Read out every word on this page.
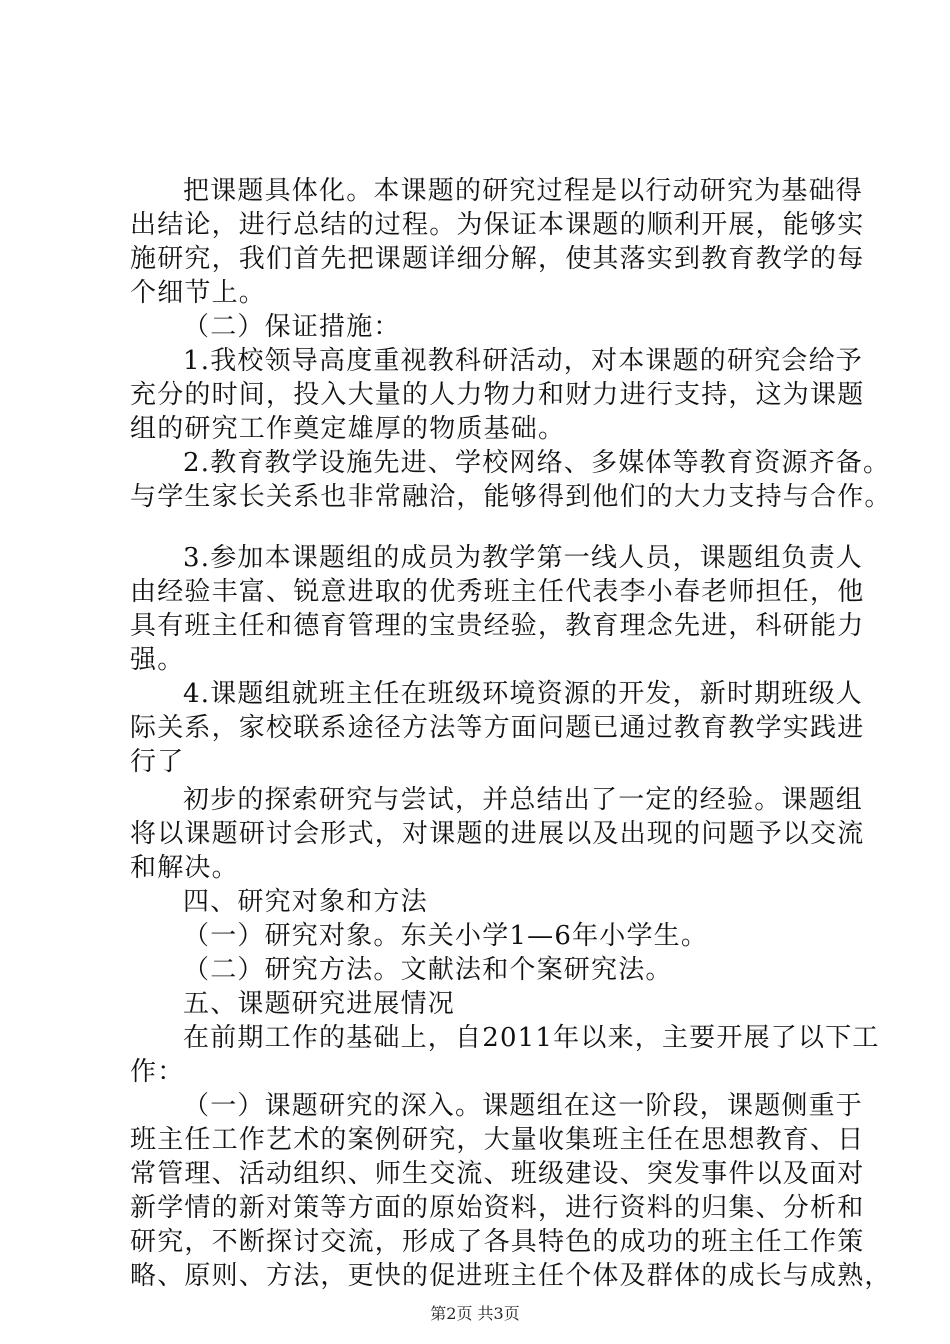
把课题具体化。本课题的研究过程是以行动研究为基础得
出结论，进行总结的过程。为保证本课题的顺利开展，能够实
施研究，我们首先把课题详细分解，使其落实到教育教学的每
个细节上。
（二）保证措施：
1.我校领导高度重视教科研活动，对本课题的研究会给予
充分的时间，投入大量的人力物力和财力进行支持，这为课题
组的研究工作奠定雄厚的物质基础。
2.教育教学设施先进、学校网络、多媒体等教育资源齐备。
与学生家长关系也非常融洽，能够得到他们的大力支持与合作。
3.参加本课题组的成员为教学第一线人员，课题组负责人
由经验丰富、锐意进取的优秀班主任代表李小春老师担任，他
具有班主任和德育管理的宝贵经验，教育理念先进，科研能力
强。
4.课题组就班主任在班级环境资源的开发，新时期班级人
际关系，家校联系途径方法等方面问题已通过教育教学实践进
行了
初步的探索研究与尝试，并总结出了一定的经验。课题组
将以课题研讨会形式，对课题的进展以及出现的问题予以交流
和解决。
四、研究对象和方法
（一）研究对象。东关小学1—6年小学生。
（二）研究方法。文献法和个案研究法。
五、课题研究进展情况
在前期工作的基础上，自2011年以来，主要开展了以下工
作：
（一）课题研究的深入。课题组在这一阶段，课题侧重于
班主任工作艺术的案例研究，大量收集班主任在思想教育、日
常管理、活动组织、师生交流、班级建设、突发事件以及面对
新学情的新对策等方面的原始资料，进行资料的归集、分析和
研究，不断探讨交流，形成了各具特色的成功的班主任工作策
略、原则、方法，更快的促进班主任个体及群体的成长与成熟，
第2页 共3页
